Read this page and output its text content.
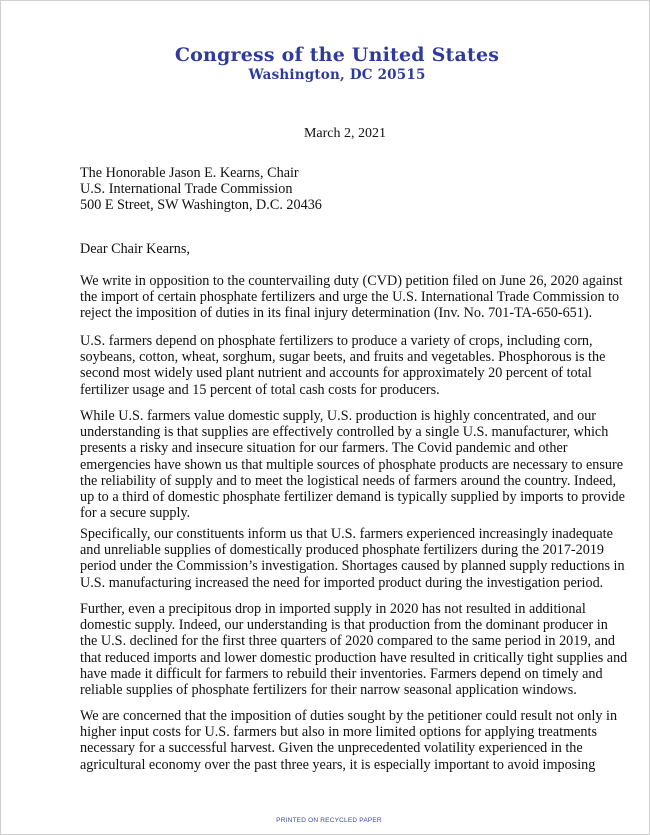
Congress of the United States
Washington, DC 20515
March 2, 2021
The Honorable Jason E. Kearns, Chair
U.S. International Trade Commission
500 E Street, SW Washington, D.C. 20436
Dear Chair Kearns,

We write in opposition to the countervailing duty (CVD) petition filed on June 26, 2020 against
the import of certain phosphate fertilizers and urge the U.S. International Trade Commission to
reject the imposition of duties in its final injury determination (Inv. No. 701-TA-650-651).

U.S. farmers depend on phosphate fertilizers to produce a variety of crops, including corn,
soybeans, cotton, wheat, sorghum, sugar beets, and fruits and vegetables. Phosphorous is the
second most widely used plant nutrient and accounts for approximately 20 percent of total
fertilizer usage and 15 percent of total cash costs for producers.

While U.S. farmers value domestic supply, U.S. production is highly concentrated, and our
understanding is that supplies are effectively controlled by a single U.S. manufacturer, which
presents a risky and insecure situation for our farmers. The Covid pandemic and other
emergencies have shown us that multiple sources of phosphate products are necessary to ensure
the reliability of supply and to meet the logistical needs of farmers around the country. Indeed,
up to a third of domestic phosphate fertilizer demand is typically supplied by imports to provide
for a secure supply.

Specifically, our constituents inform us that U.S. farmers experienced increasingly inadequate
and unreliable supplies of domestically produced phosphate fertilizers during the 2017-2019
period under the Commission’s investigation. Shortages caused by planned supply reductions in
U.S. manufacturing increased the need for imported product during the investigation period.

Further, even a precipitous drop in imported supply in 2020 has not resulted in additional
domestic supply. Indeed, our understanding is that production from the dominant producer in
the U.S. declined for the first three quarters of 2020 compared to the same period in 2019, and
that reduced imports and lower domestic production have resulted in critically tight supplies and
have made it difficult for farmers to rebuild their inventories. Farmers depend on timely and
reliable supplies of phosphate fertilizers for their narrow seasonal application windows.

We are concerned that the imposition of duties sought by the petitioner could result not only in
higher input costs for U.S. farmers but also in more limited options for applying treatments
necessary for a successful harvest. Given the unprecedented volatility experienced in the
agricultural economy over the past three years, it is especially important to avoid imposing

PRINTED ON RECYCLED PAPER
